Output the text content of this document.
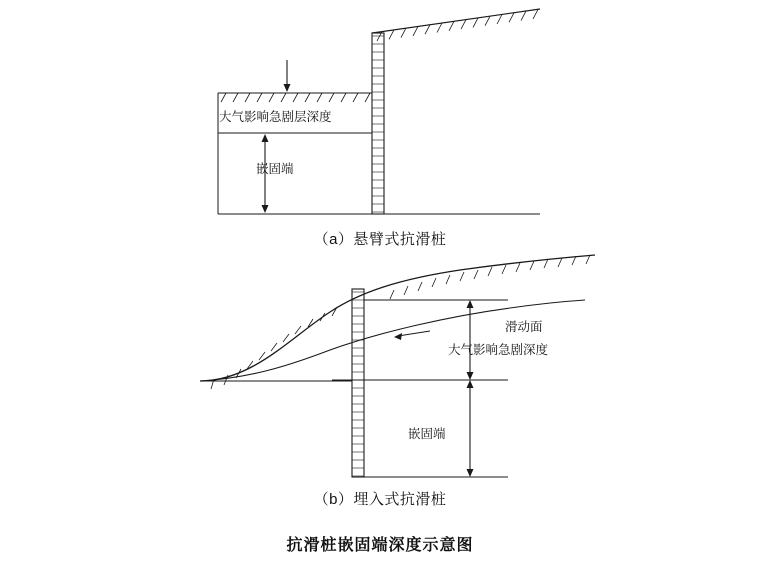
大气影响急剧层深度
嵌固端
滑动面
大气影响急剧深度
嵌固端
（a）悬臂式抗滑桩
（b）埋入式抗滑桩
抗滑桩嵌固端深度示意图
